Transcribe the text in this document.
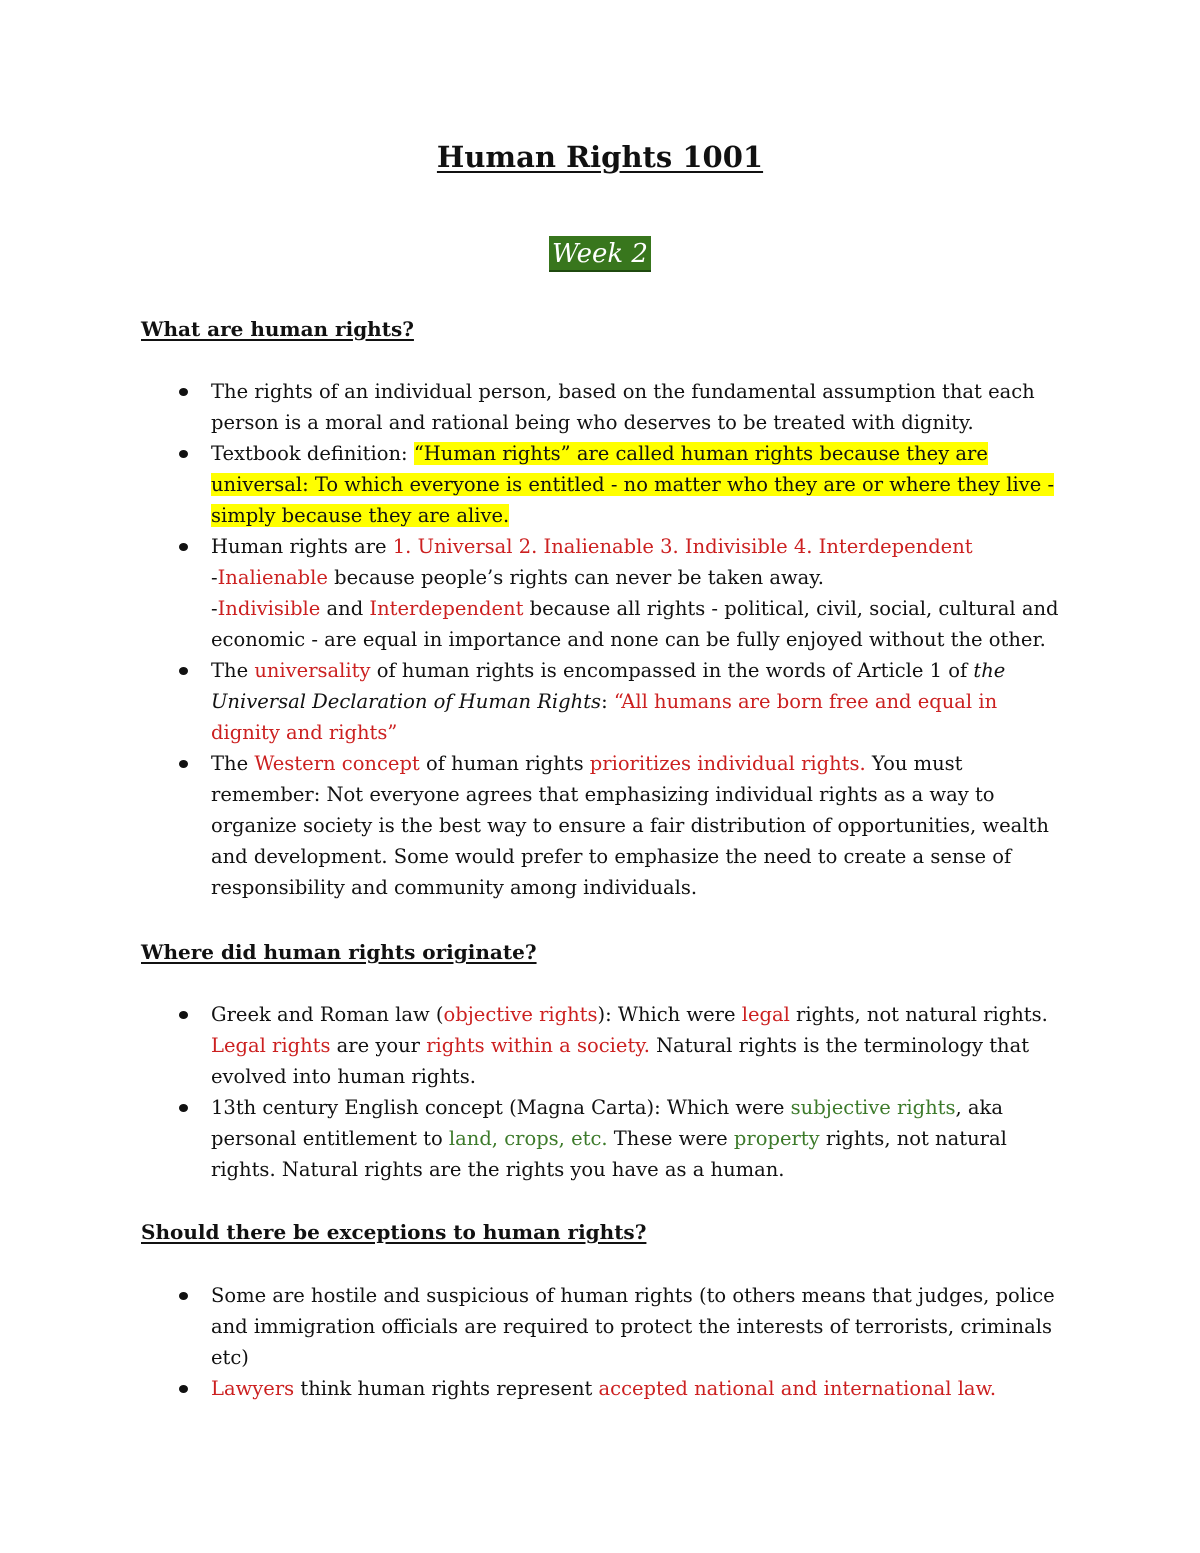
Human Rights 1001
Week 2
What are human rights?
The rights of an individual person, based on the fundamental assumption that each person is a moral and rational being who deserves to be treated with dignity.
Textbook definition: “Human rights” are called human rights because they are universal: To which everyone is entitled - no matter who they are or where they live - simply because they are alive.
Human rights are 1. Universal 2. Inalienable 3. Indivisible 4. Interdependent
-Inalienable because people’s rights can never be taken away.
-Indivisible and Interdependent because all rights - political, civil, social, cultural and economic - are equal in importance and none can be fully enjoyed without the other.
The universality of human rights is encompassed in the words of Article 1 of the Universal Declaration of Human Rights: “All humans are born free and equal in dignity and rights”
The Western concept of human rights prioritizes individual rights. You must remember: Not everyone agrees that emphasizing individual rights as a way to organize society is the best way to ensure a fair distribution of opportunities, wealth and development. Some would prefer to emphasize the need to create a sense of responsibility and community among individuals.
Where did human rights originate?
Greek and Roman law (objective rights): Which were legal rights, not natural rights. Legal rights are your rights within a society. Natural rights is the terminology that evolved into human rights.
13th century English concept (Magna Carta): Which were subjective rights, aka personal entitlement to land, crops, etc. These were property rights, not natural rights. Natural rights are the rights you have as a human.
Should there be exceptions to human rights?
Some are hostile and suspicious of human rights (to others means that judges, police and immigration officials are required to protect the interests of terrorists, criminals etc)
Lawyers think human rights represent accepted national and international law.
